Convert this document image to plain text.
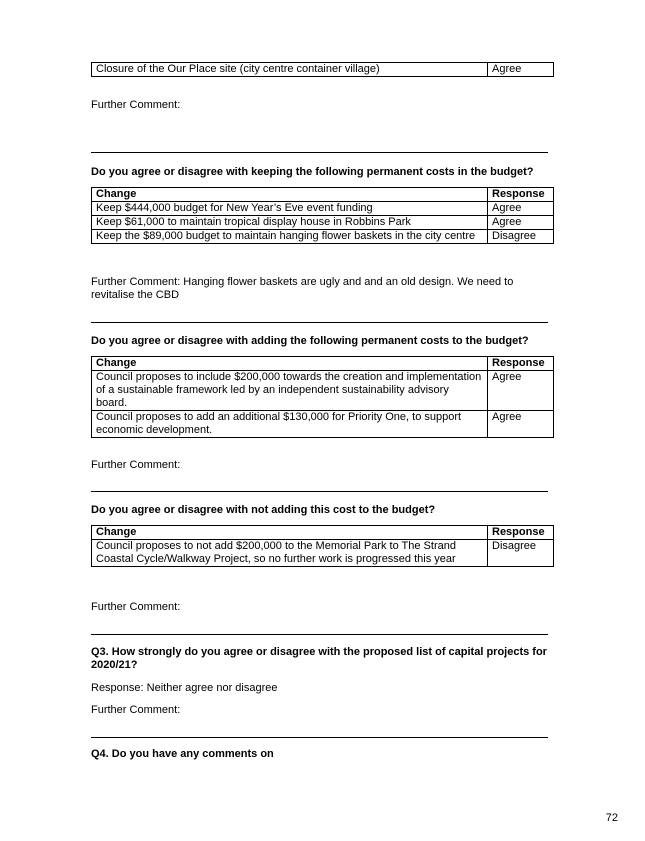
Closure of the Our Place site (city centre container village)	Agree
Further Comment:
Do you agree or disagree with keeping the following permanent costs in the budget?
Change	Response
Keep $444,000 budget for New Year’s Eve event funding	Agree
Keep $61,000 to maintain tropical display house in Robbins Park	Agree
Keep the $89,000 budget to maintain hanging flower baskets in the city centre	Disagree
Further Comment: Hanging flower baskets are ugly and and an old design. We need to revitalise the CBD
Do you agree or disagree with adding the following permanent costs to the budget?
Change	Response
Council proposes to include $200,000 towards the creation and implementation of a sustainable framework led by an independent sustainability advisory board.	Agree
Council proposes to add an additional $130,000 for Priority One, to support economic development.	Agree
Further Comment:
Do you agree or disagree with not adding this cost to the budget?
Change	Response
Council proposes to not add $200,000 to the Memorial Park to The Strand Coastal Cycle/Walkway Project, so no further work is progressed this year	Disagree
Further Comment:
Q3. How strongly do you agree or disagree with the proposed list of capital projects for 2020/21?
Response: Neither agree nor disagree
Further Comment:
Q4. Do you have any comments on
72
